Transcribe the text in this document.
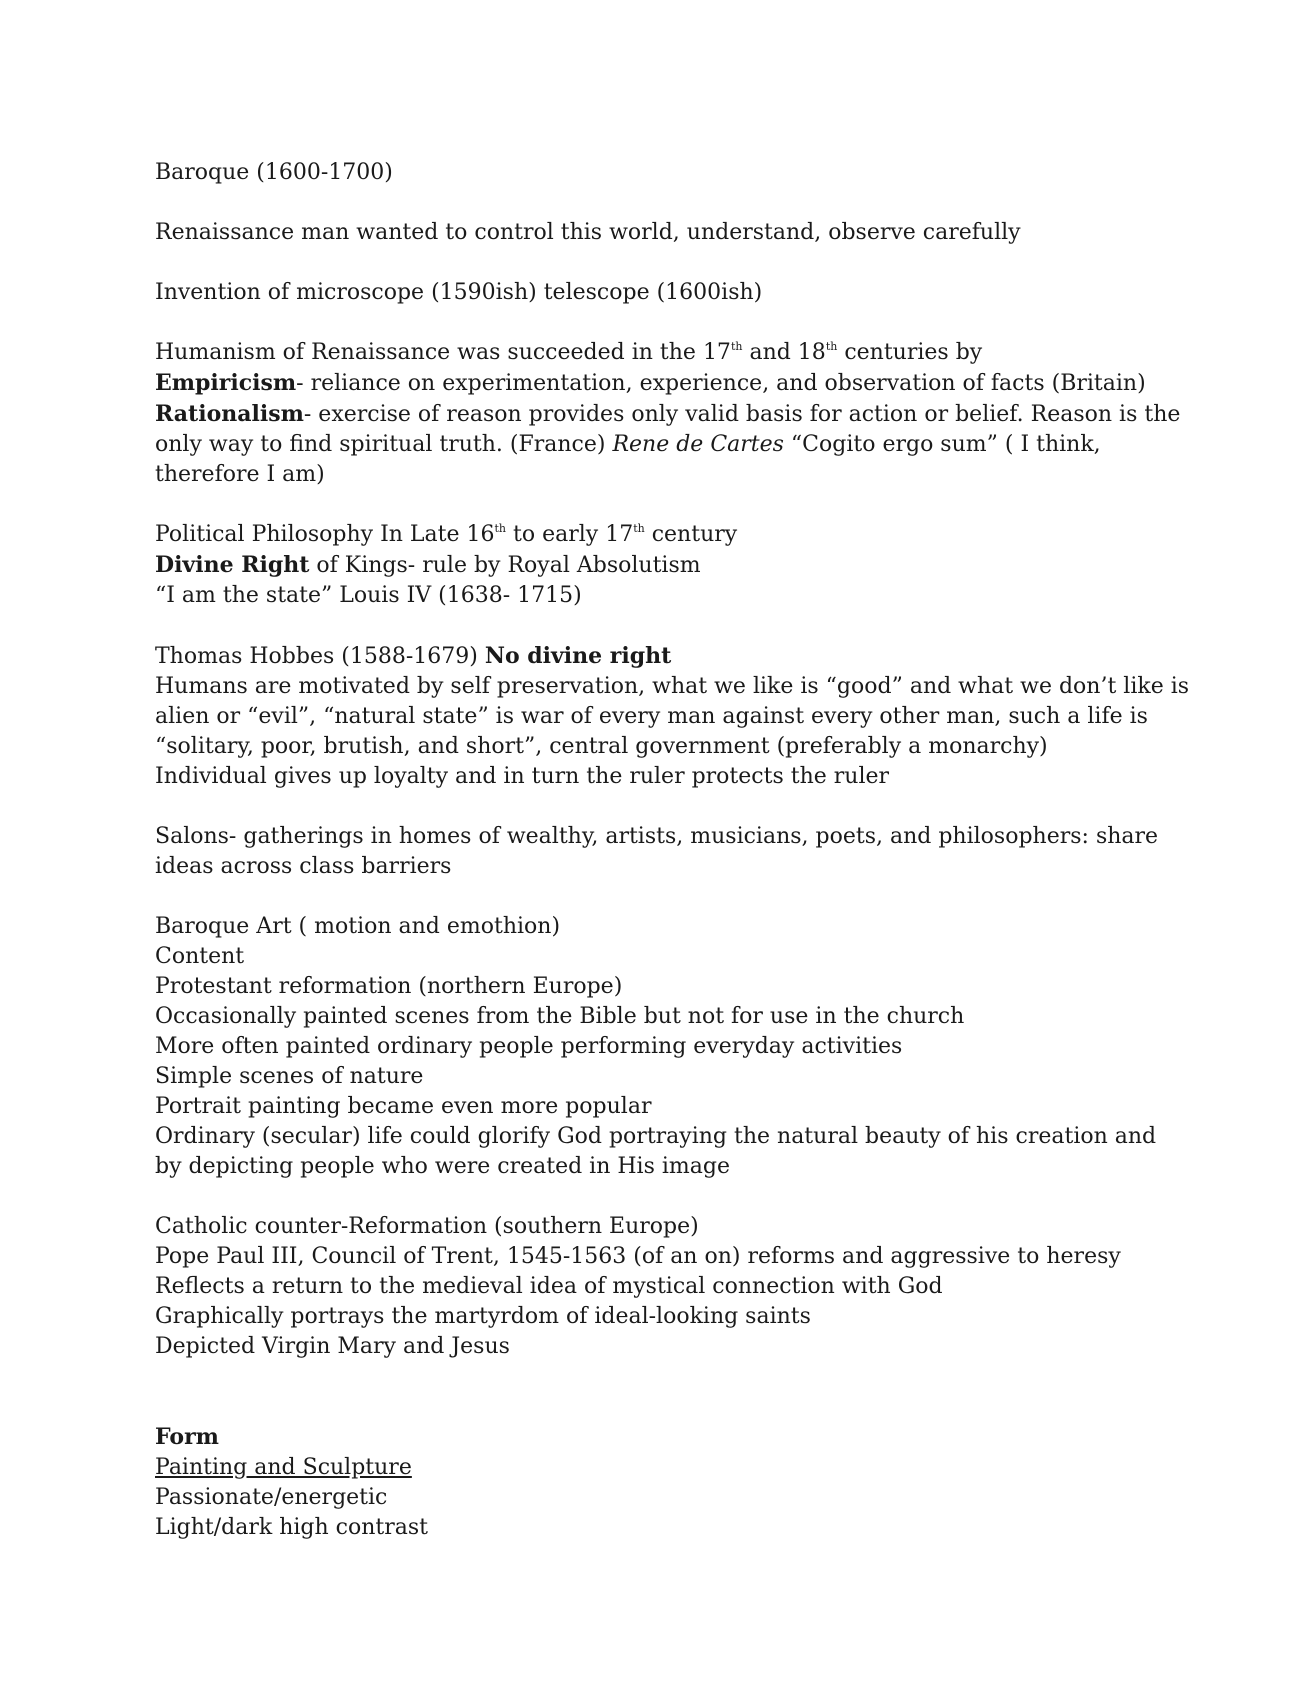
Baroque (1600-1700)
Renaissance man wanted to control this world, understand, observe carefully
Invention of microscope (1590ish) telescope (1600ish)
Humanism of Renaissance was succeeded in the 17th and 18th centuries by
Empiricism- reliance on experimentation, experience, and observation of facts (Britain)
Rationalism- exercise of reason provides only valid basis for action or belief. Reason is the
only way to find spiritual truth. (France) Rene de Cartes “Cogito ergo sum” ( I think,
therefore I am)
Political Philosophy In Late 16th to early 17th century
Divine Right of Kings- rule by Royal Absolutism
“I am the state” Louis IV (1638- 1715)
Thomas Hobbes (1588-1679) No divine right
Humans are motivated by self preservation, what we like is “good” and what we don’t like is
alien or “evil”, “natural state” is war of every man against every other man, such a life is
“solitary, poor, brutish, and short”, central government (preferably a monarchy)
Individual gives up loyalty and in turn the ruler protects the ruler
Salons- gatherings in homes of wealthy, artists, musicians, poets, and philosophers: share
ideas across class barriers
Baroque Art ( motion and emothion)
Content
Protestant reformation (northern Europe)
Occasionally painted scenes from the Bible but not for use in the church
More often painted ordinary people performing everyday activities
Simple scenes of nature
Portrait painting became even more popular
Ordinary (secular) life could glorify God portraying the natural beauty of his creation and
by depicting people who were created in His image
Catholic counter-Reformation (southern Europe)
Pope Paul III, Council of Trent, 1545-1563 (of an on) reforms and aggressive to heresy
Reflects a return to the medieval idea of mystical connection with God
Graphically portrays the martyrdom of ideal-looking saints
Depicted Virgin Mary and Jesus
Form
Painting and Sculpture
Passionate/energetic
Light/dark high contrast
